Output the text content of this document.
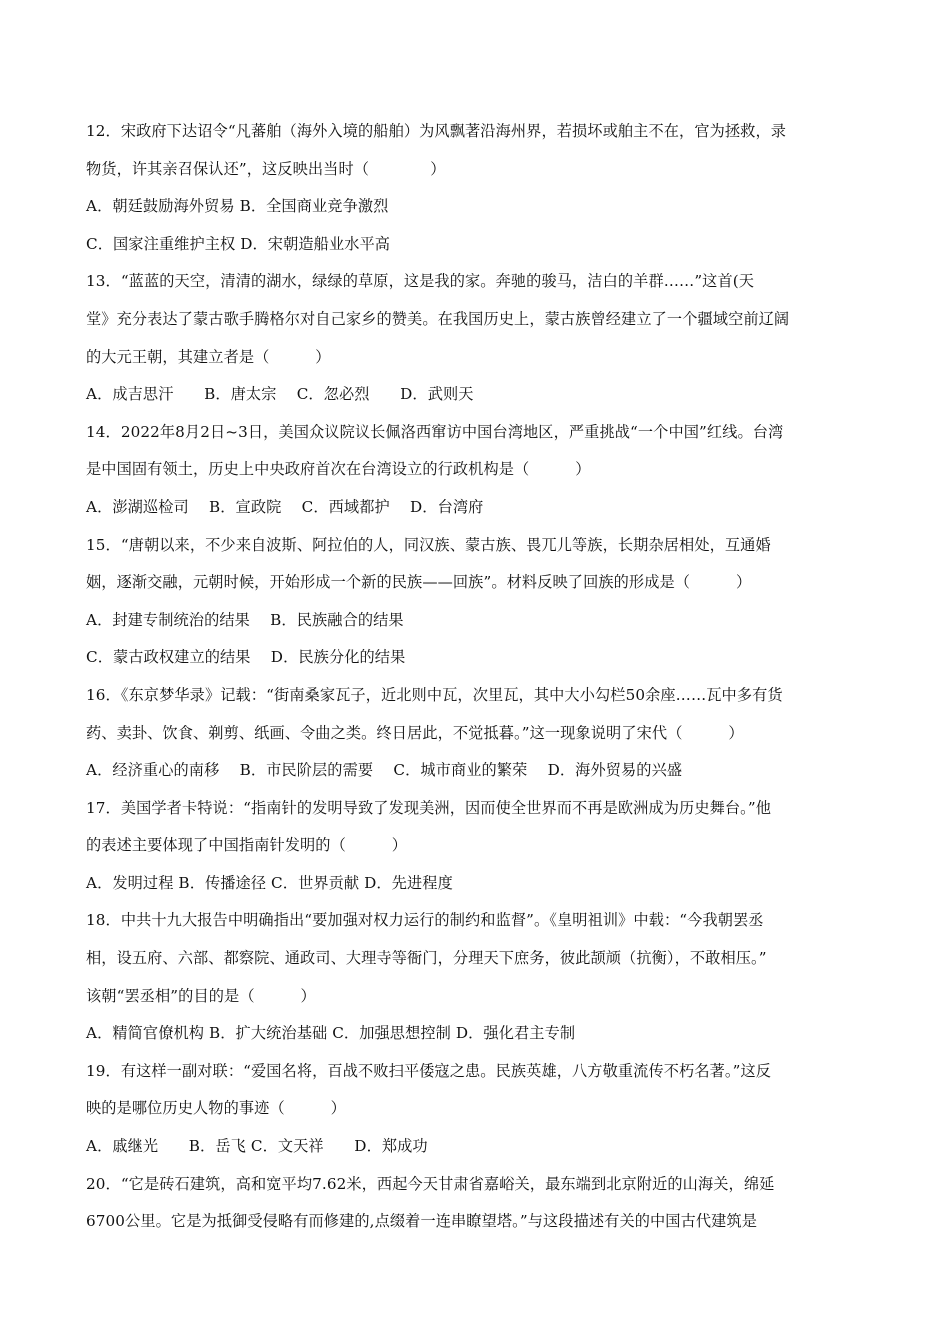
12．宋政府下达诏令“凡蕃舶（海外入境的船舶）为风飘著沿海州界，若损坏或舶主不在，官为拯救，录
物货，许其亲召保认还”，这反映出当时（　　　　）
A．朝廷鼓励海外贸易 B．全国商业竞争激烈
C．国家注重维护主权 D．宋朝造船业水平高
13．“蓝蓝的天空，清清的湖水，绿绿的草原，这是我的家。奔驰的骏马，洁白的羊群……”这首(天
堂》充分表达了蒙古歌手腾格尔对自己家乡的赞美。在我国历史上，蒙古族曾经建立了一个疆域空前辽阔
的大元王朝，其建立者是（　　　）
A．成吉思汗　　B．唐太宗　 C．忽必烈　　D．武则天
14．2022年8月2日~3日，美国众议院议长佩洛西窜访中国台湾地区，严重挑战“一个中国”红线。台湾
是中国固有领土，历史上中央政府首次在台湾设立的行政机构是（　　　）
A．澎湖巡检司　 B．宣政院　 C．西域都护　 D．台湾府
15．“唐朝以来，不少来自波斯、阿拉伯的人，同汉族、蒙古族、畏兀儿等族，长期杂居相处，互通婚
姻，逐渐交融，元朝时候，开始形成一个新的民族——回族”。材料反映了回族的形成是（　　　）
A．封建专制统治的结果　 B．民族融合的结果
C．蒙古政权建立的结果　 D．民族分化的结果
16．《东京梦华录》记载：“街南桑家瓦子，近北则中瓦，次里瓦，其中大小勾栏50余座……瓦中多有货
药、卖卦、饮食、剃剪、纸画、令曲之类。终日居此，不觉抵暮。”这一现象说明了宋代（　　　）
A．经济重心的南移　 B．市民阶层的需要　 C．城市商业的繁荣　 D．海外贸易的兴盛
17．美国学者卡特说：“指南针的发明导致了发现美洲，因而使全世界而不再是欧洲成为历史舞台。”他
的表述主要体现了中国指南针发明的（　　　）
A．发明过程 B．传播途径 C．世界贡献 D．先进程度
18．中共十九大报告中明确指出“要加强对权力运行的制约和监督”。《皇明祖训》中载：“今我朝罢丞
相，设五府、六部、都察院、通政司、大理寺等衙门，分理天下庶务，彼此颉颃（抗衡），不敢相压。”
该朝“罢丞相”的目的是（　　　）
A．精简官僚机构 B．扩大统治基础 C．加强思想控制 D．强化君主专制
19．有这样一副对联：“爱国名将，百战不败扫平倭寇之患。民族英雄，八方敬重流传不朽名著。”这反
映的是哪位历史人物的事迹（　　　）
A．戚继光　　B．岳飞 C．文天祥　　D．郑成功
20．“它是砖石建筑，高和宽平均7.62米，西起今天甘肃省嘉峪关，最东端到北京附近的山海关，绵延
6700公里。它是为抵御受侵略有而修建的,点缀着一连串瞭望塔。”与这段描述有关的中国古代建筑是
